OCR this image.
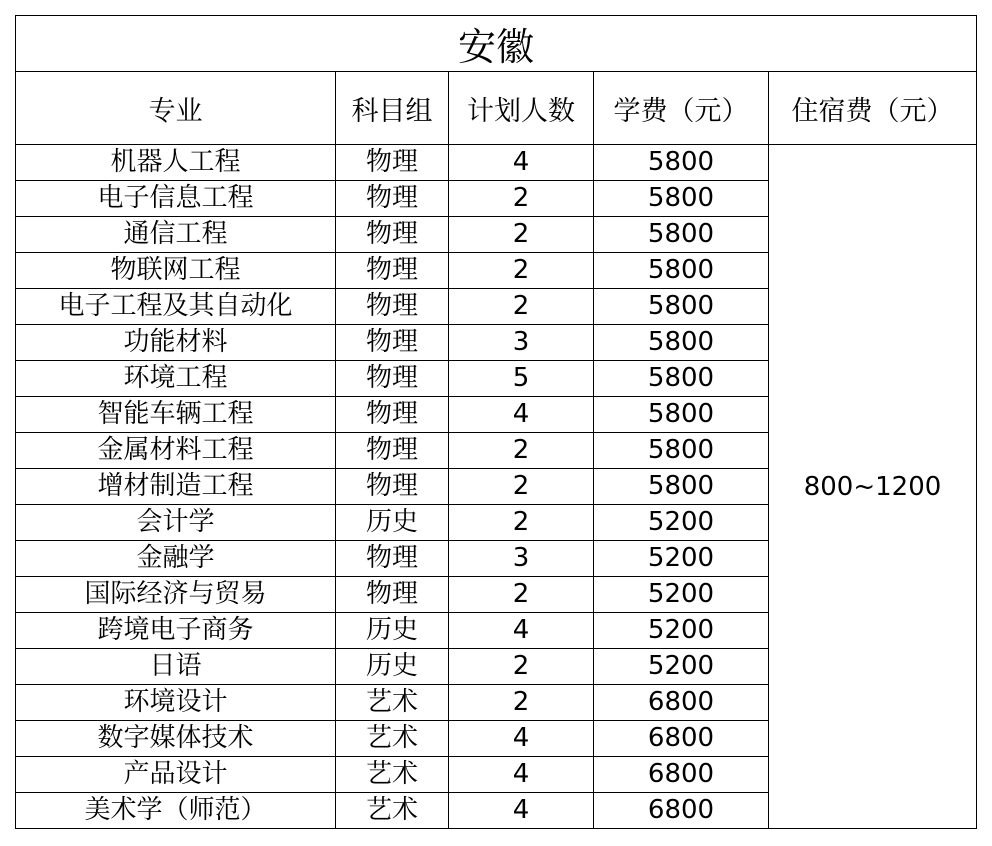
安徽				
专业	科目组	计划人数	学费（元）	住宿费（元）
机器人工程	物理	4	5800	800~1200
电子信息工程	物理	2	5800	
通信工程	物理	2	5800	
物联网工程	物理	2	5800	
电子工程及其自动化	物理	2	5800	
功能材料	物理	3	5800	
环境工程	物理	5	5800	
智能车辆工程	物理	4	5800	
金属材料工程	物理	2	5800	
增材制造工程	物理	2	5800	
会计学	历史	2	5200	
金融学	物理	3	5200	
国际经济与贸易	物理	2	5200	
跨境电子商务	历史	4	5200	
日语	历史	2	5200	
环境设计	艺术	2	6800	
数字媒体技术	艺术	4	6800	
产品设计	艺术	4	6800	
美术学（师范）	艺术	4	6800	
